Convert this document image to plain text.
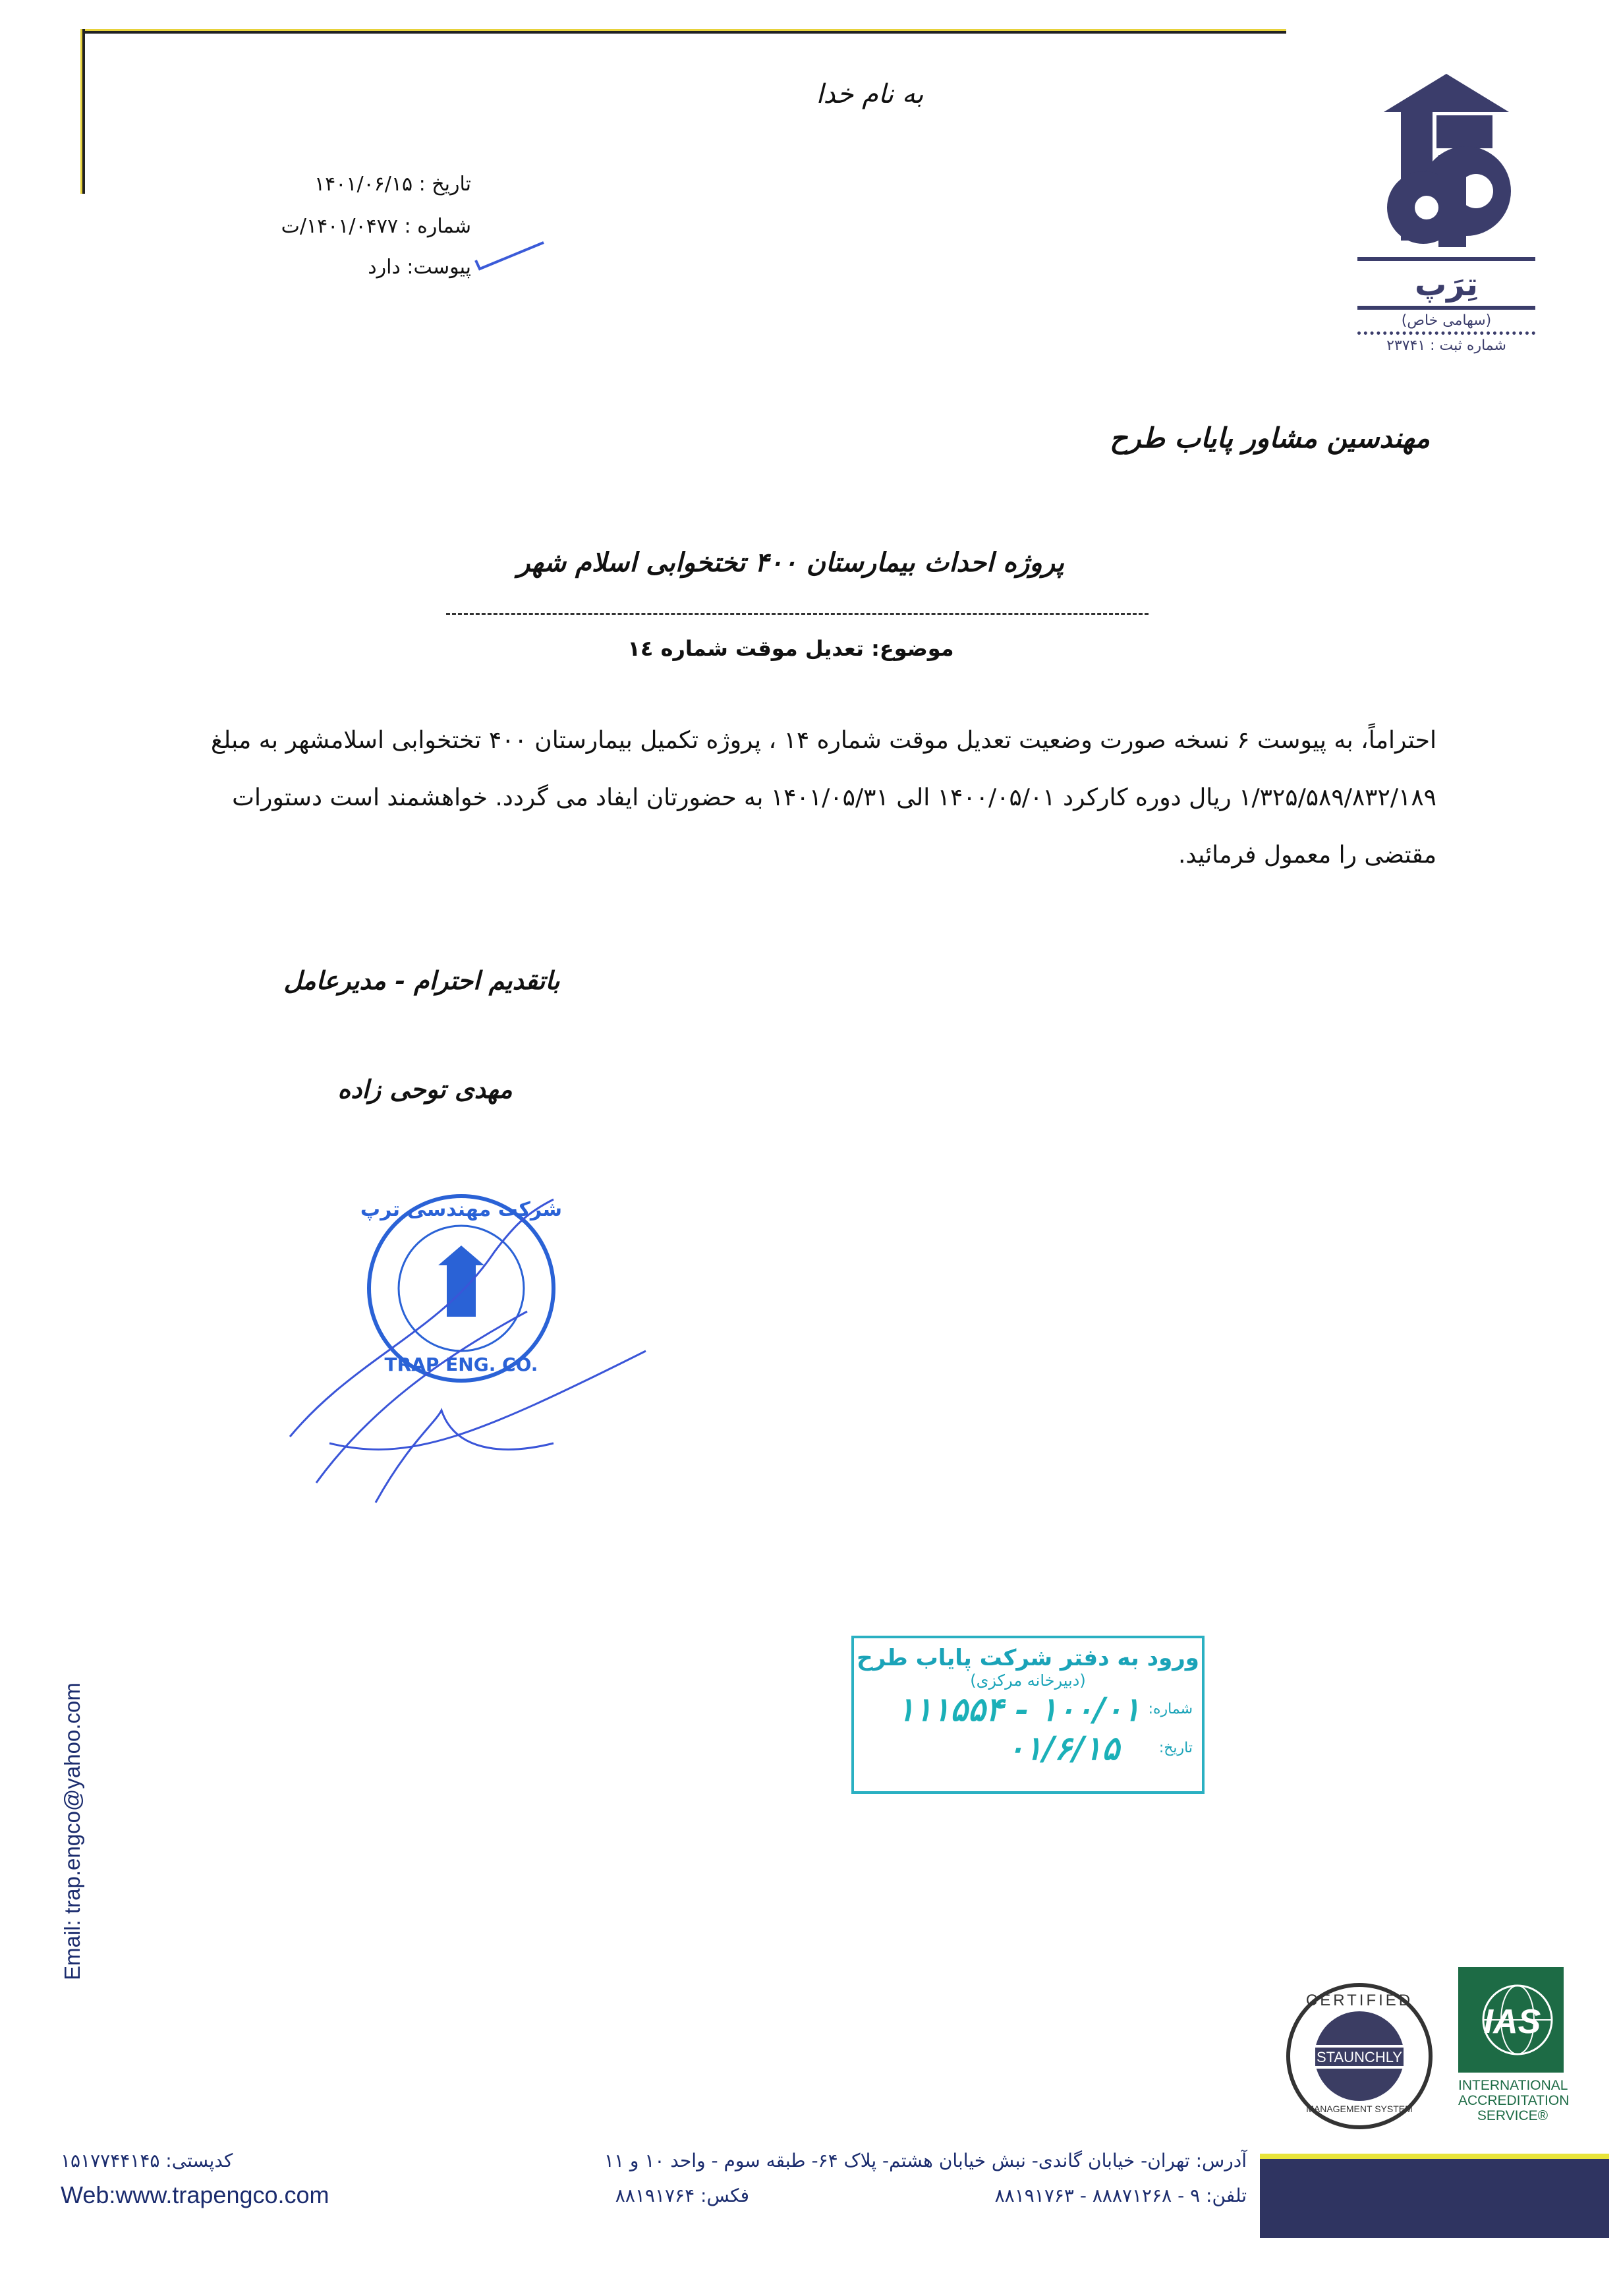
به نام خدا
تاریخ : ۱۴۰۱/۰۶/۱۵
شماره : ۱۴۰۱/۰۴۷۷/ت
پیوست: دارد	تِرَپ
(سهامی خاص)
شماره ثبت : ۲۳۷۴۱
مهندسین مشاور پایاب طرح
پروژه احداث بیمارستان ۴۰۰ تختخوابی اسلام شهر
موضوع: تعدیل موقت شماره ۱٤
احتراماً، به پیوست ۶ نسخه صورت وضعیت تعدیل موقت شماره ۱۴ ، پروژه تکمیل بیمارستان ۴۰۰ تختخوابی اسلامشهر به مبلغ
۱/۳۲۵/۵۸۹/۸۳۲/۱۸۹ ریال دوره کارکرد ۱۴۰۰/۰۵/۰۱ الی ۱۴۰۱/۰۵/۳۱ به حضورتان ایفاد می گردد. خواهشمند است دستورات
مقتضی را معمول فرمائید.
باتقدیم احترام - مدیرعامل
مهدی توحی زاده
شرکت مهندسی ترپ
TRAP ENG. CO.
ورود به دفتر شرکت پایاب طرح
(دبیرخانه مرکزی)
شماره:
۱۰۰/۰۱ - ۱۱۱۵۵۴
تاریخ:
۰۱/۶/۱۵
Email: trap.engco@yahoo.com
STAUNCHLY
CERTIFIED
MANAGEMENT SYSTEM
IAS
INTERNATIONAL
ACCREDITATION
SERVICE®
آدرس: تهران- خیابان گاندی- نبش خیابان هشتم- پلاک ۶۴- طبقه سوم - واحد ۱۰ و ۱۱
تلفن: ۹ - ۸۸۸۷۱۲۶۸ - ۸۸۱۹۱۷۶۳
فکس: ۸۸۱۹۱۷۶۴
کدپستی: ۱۵۱۷۷۴۴۱۴۵
Web:www.trapengco.com
